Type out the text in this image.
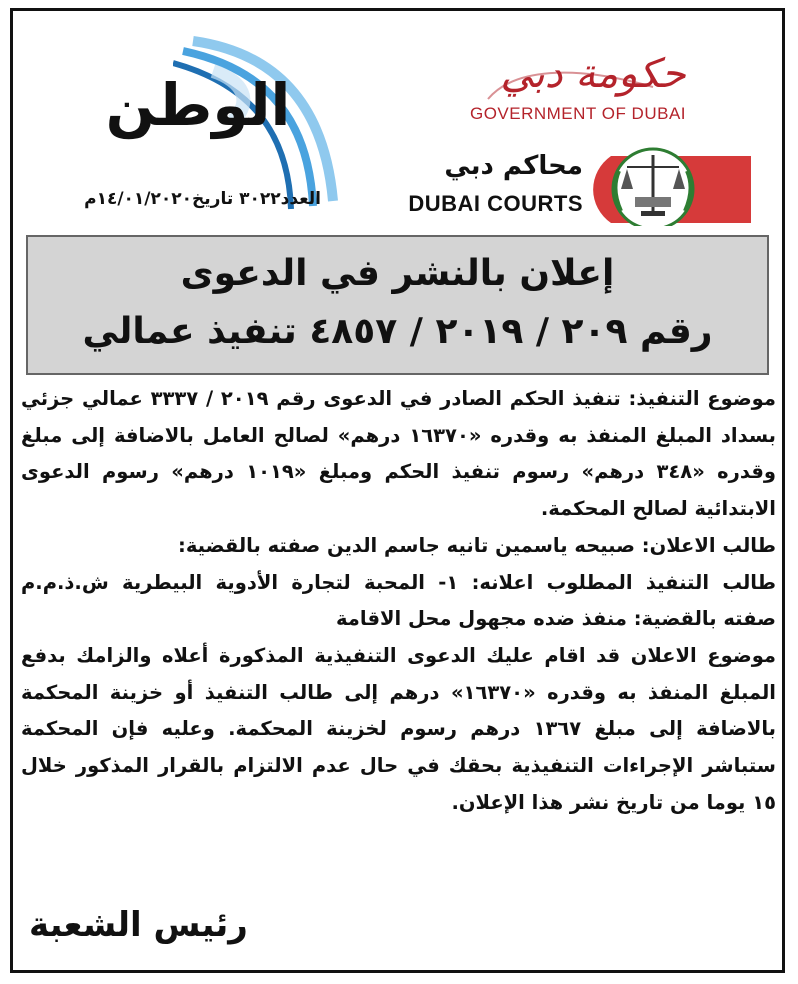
الوطن
العدد٣٠٢٢ تاريخ١٤/٠١/٢٠٢٠م
حكومة دبي
GOVERNMENT OF DUBAI
محاكم دبي
DUBAI COURTS
إعلان بالنشر في الدعوى
رقم ٢٠٩ / ٢٠١٩ / ٤٨٥٧ تنفيذ عمالي

موضوع التنفيذ: تنفيذ الحكم الصادر في الدعوى رقم ٢٠١٩ / ٣٣٣٧ عمالي جزئي بسداد المبلغ المنفذ به وقدره «١٦٣٧٠ درهم» لصالح العامل بالاضافة إلى مبلغ وقدره «٣٤٨ درهم» رسوم تنفيذ الحكم ومبلغ «١٠١٩ درهم» رسوم الدعوى الابتدائية لصالح المحكمة.

طالب الاعلان: صبيحه ياسمين تانيه جاسم الدين صفته بالقضية:

طالب التنفيذ المطلوب اعلانه: ١- المحبة لتجارة الأدوية البيطرية ش.ذ.م.م صفته بالقضية: منفذ ضده مجهول محل الاقامة

موضوع الاعلان قد اقام عليك الدعوى التنفيذية المذكورة أعلاه والزامك بدفع المبلغ المنفذ به وقدره «١٦٣٧٠» درهم إلى طالب التنفيذ أو خزينة المحكمة بالاضافة إلى مبلغ ١٣٦٧ درهم رسوم لخزينة المحكمة. وعليه فإن المحكمة ستباشر الإجراءات التنفيذية بحقك في حال عدم الالتزام بالقرار المذكور خلال ١٥ يوما من تاريخ نشر هذا الإعلان.

رئيس الشعبة
